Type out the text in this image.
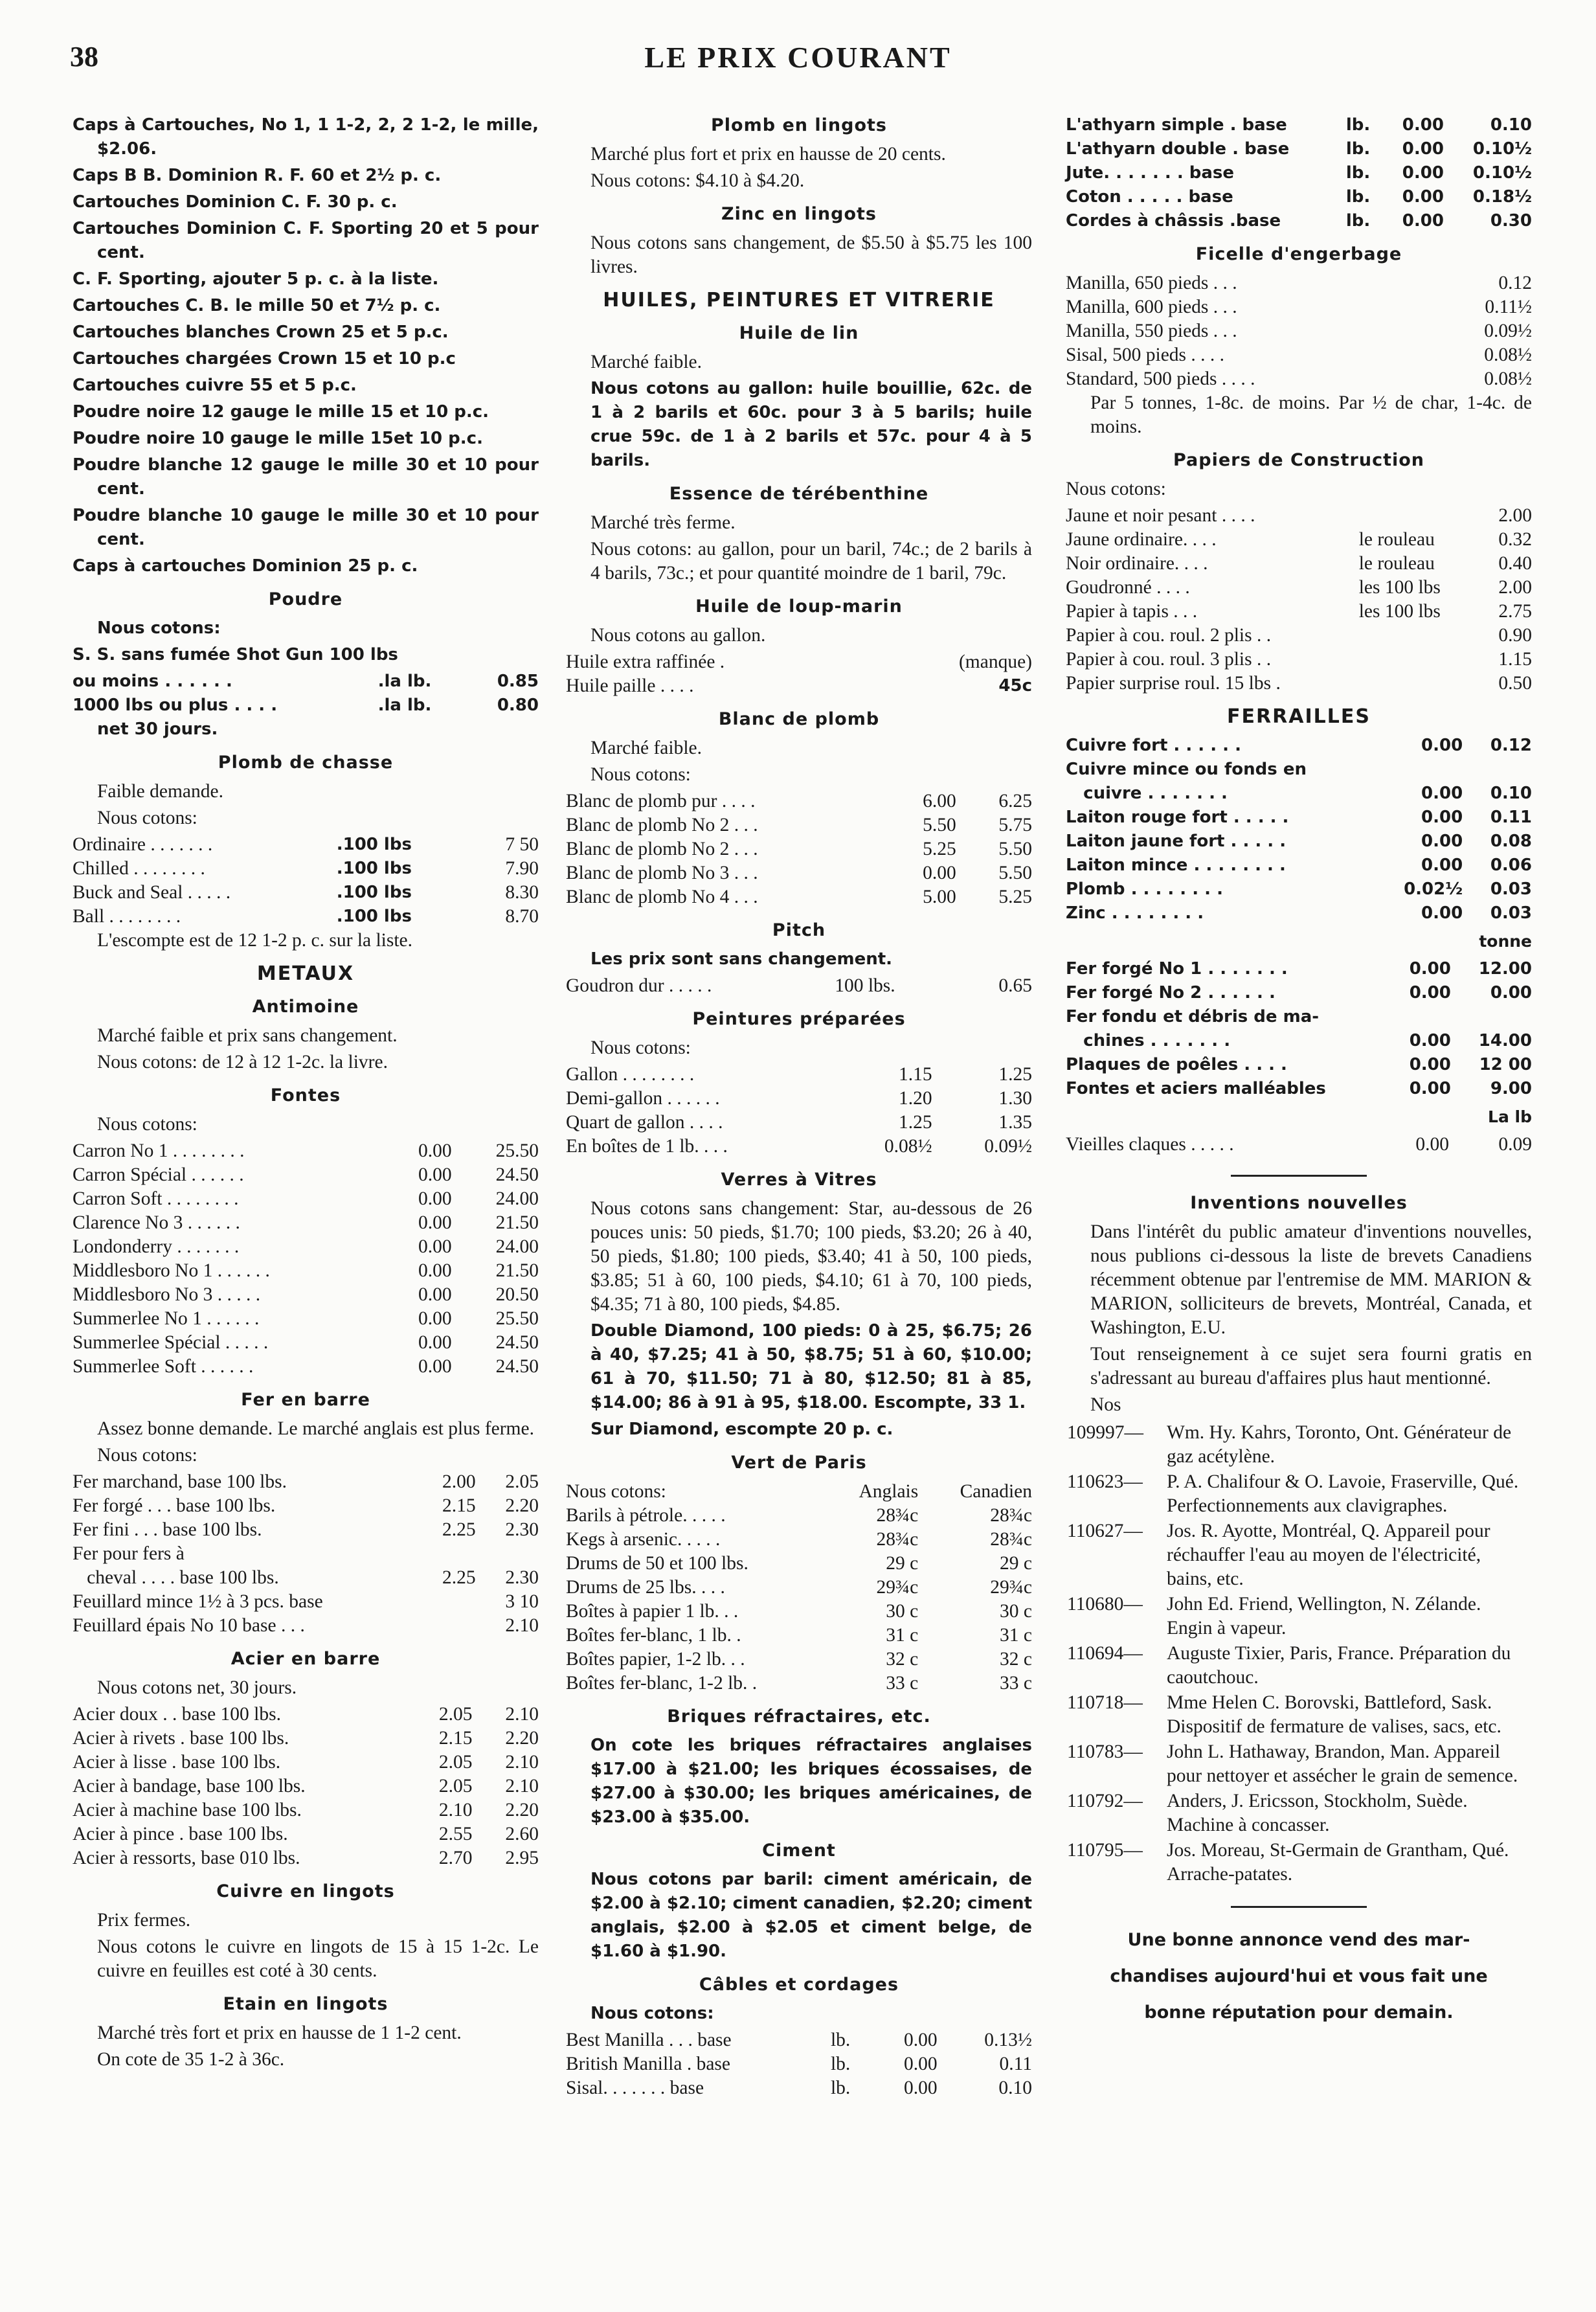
38	LE PRIX COURANT

Caps à Cartouches, No 1, 1 1-2, 2, 2 1-2, le mille, $2.06.

Caps B B. Dominion R. F. 60 et 2½ p. c.

Cartouches Dominion C. F. 30 p. c.

Cartouches Dominion C. F. Sporting 20 et 5 pour cent.

C. F. Sporting, ajouter 5 p. c. à la liste.

Cartouches C. B. le mille 50 et 7½ p. c.

Cartouches blanches Crown 25 et 5 p.c.

Cartouches chargées Crown 15 et 10 p.c

Cartouches cuivre 55 et 5 p.c.

Poudre noire 12 gauge le mille 15 et 10 p.c.

Poudre noire 10 gauge le mille 15et 10 p.c.

Poudre blanche 12 gauge le mille 30 et 10 pour cent.

Poudre blanche 10 gauge le mille 30 et 10 pour cent.

Caps à cartouches Dominion 25 p. c.

Poudre

Nous cotons:

S. S. sans fumée Shot Gun 100 lbs

ou moins . . . . . .	.la lb.	0.85
1000 lbs ou plus . . . .	.la lb.	0.80

net 30 jours.

Plomb de chasse

Faible demande.

Nous cotons:

Ordinaire . . . . . . .	.100 lbs	7 50
Chilled . . . . . . . .	.100 lbs	7.90
Buck and Seal . . . . .	.100 lbs	8.30
Ball . . . . . . . .	.100 lbs	8.70

L'escompte est de 12 1-2 p. c. sur la liste.

METAUX
Antimoine

Marché faible et prix sans changement.

Nous cotons: de 12 à 12 1-2c. la livre.

Fontes

Nous cotons:

Carron No 1 . . . . . . . .	0.00	25.50
Carron Spécial . . . . . .	0.00	24.50
Carron Soft . . . . . . . .	0.00	24.00
Clarence No 3 . . . . . .	0.00	21.50
Londonderry . . . . . . .	0.00	24.00
Middlesboro No 1 . . . . . .	0.00	21.50
Middlesboro No 3 . . . . .	0.00	20.50
Summerlee No 1 . . . . . .	0.00	25.50
Summerlee Spécial . . . . .	0.00	24.50
Summerlee Soft . . . . . .	0.00	24.50
Fer en barre

Assez bonne demande. Le marché anglais est plus ferme.

Nous cotons:

Fer marchand, base 100 lbs.	2.00	2.05
Fer forgé . . . base 100 lbs.	2.15	2.20
Fer fini . . . base 100 lbs.	2.25	2.30
Fer pour fers à		
cheval . . . . base 100 lbs.	2.25	2.30
Feuillard mince 1½ à 3 pcs. base		3 10
Feuillard épais No 10 base . . .		2.10
Acier en barre

Nous cotons net, 30 jours.

Acier doux . . base 100 lbs.	2.05	2.10
Acier à rivets . base 100 lbs.	2.15	2.20
Acier à lisse . base 100 lbs.	2.05	2.10
Acier à bandage, base 100 lbs.	2.05	2.10
Acier à machine base 100 lbs.	2.10	2.20
Acier à pince . base 100 lbs.	2.55	2.60
Acier à ressorts, base 010 lbs.	2.70	2.95
Cuivre en lingots

Prix fermes.

Nous cotons le cuivre en lingots de 15 à 15 1-2c. Le cuivre en feuilles est coté à 30 cents.

Etain en lingots

Marché très fort et prix en hausse de 1 1-2 cent.

On cote de 35 1-2 à 36c.

Plomb en lingots

Marché plus fort et prix en hausse de 20 cents.

Nous cotons: $4.10 à $4.20.

Zinc en lingots

Nous cotons sans changement, de $5.50 à $5.75 les 100 livres.

HUILES, PEINTURES ET VITRERIE
Huile de lin

Marché faible.

Nous cotons au gallon: huile bouillie, 62c. de 1 à 2 barils et 60c. pour 3 à 5 barils; huile crue 59c. de 1 à 2 barils et 57c. pour 4 à 5 barils.

Essence de térébenthine

Marché très ferme.

Nous cotons: au gallon, pour un baril, 74c.; de 2 barils à 4 barils, 73c.; et pour quantité moindre de 1 baril, 79c.

Huile de loup-marin

Nous cotons au gallon.

Huile extra raffinée .	(manque)
Huile paille . . . .	45c
Blanc de plomb

Marché faible.

Nous cotons:

Blanc de plomb pur . . . .	6.00	6.25
Blanc de plomb No 2 . . .	5.50	5.75
Blanc de plomb No 2 . . .	5.25	5.50
Blanc de plomb No 3 . . .	0.00	5.50
Blanc de plomb No 4 . . .	5.00	5.25
Pitch

Les prix sont sans changement.

Goudron dur . . . . .	100 lbs.	0.65
Peintures préparées

Nous cotons:

Gallon . . . . . . . .	1.15	1.25
Demi-gallon . . . . . .	1.20	1.30
Quart de gallon . . . .	1.25	1.35
En boîtes de 1 lb. . . .	0.08½	0.09½
Verres à Vitres

Nous cotons sans changement: Star, au-dessous de 26 pouces unis: 50 pieds, $1.70; 100 pieds, $3.20; 26 à 40, 50 pieds, $1.80; 100 pieds, $3.40; 41 à 50, 100 pieds, $3.85; 51 à 60, 100 pieds, $4.10; 61 à 70, 100 pieds, $4.35; 71 à 80, 100 pieds, $4.85.

Double Diamond, 100 pieds: 0 à 25, $6.75; 26 à 40, $7.25; 41 à 50, $8.75; 51 à 60, $10.00; 61 à 70, $11.50; 71 à 80, $12.50; 81 à 85, $14.00; 86 à 91 à 95, $18.00. Escompte, 33 1.

Sur Diamond, escompte 20 p. c.

Vert de Paris
Nous cotons:	Anglais	Canadien
Barils à pétrole. . . . .	28¾c	28¾c
Kegs à arsenic. . . . .	28¾c	28¾c
Drums de 50 et 100 lbs.	29 c	29 c
Drums de 25 lbs. . . .	29¾c	29¾c
Boîtes à papier 1 lb. . .	30 c	30 c
Boîtes fer-blanc, 1 lb. .	31 c	31 c
Boîtes papier, 1-2 lb. . .	32 c	32 c
Boîtes fer-blanc, 1-2 lb. .	33 c	33 c
Briques réfractaires, etc.

On cote les briques réfractaires anglaises $17.00 à $21.00; les briques écossaises, de $27.00 à $30.00; les briques américaines, de $23.00 à $35.00.

Ciment

Nous cotons par baril: ciment américain, de $2.00 à $2.10; ciment canadien, $2.20; ciment anglais, $2.00 à $2.05 et ciment belge, de $1.60 à $1.90.

Câbles et cordages

Nous cotons:

Best Manilla . . . base	lb.	0.00	0.13½
British Manilla . base	lb.	0.00	0.11
Sisal. . . . . . . base	lb.	0.00	0.10
L'athyarn simple . base	lb.	0.00	0.10
L'athyarn double . base	lb.	0.00	0.10½
Jute. . . . . . . base	lb.	0.00	0.10½
Coton . . . . . base	lb.	0.00	0.18½
Cordes à châssis .base	lb.	0.00	0.30
Ficelle d'engerbage
Manilla, 650 pieds . . .	0.12
Manilla, 600 pieds . . .	0.11½
Manilla, 550 pieds . . .	0.09½
Sisal, 500 pieds . . . .	0.08½
Standard, 500 pieds . . . .	0.08½

Par 5 tonnes, 1-8c. de moins. Par ½ de char, 1-4c. de moins.

Papiers de Construction

Nous cotons:

Jaune et noir pesant . . . .		2.00
Jaune ordinaire. . . .	le rouleau	0.32
Noir ordinaire. . . .	le rouleau	0.40
Goudronné . . . .	les 100 lbs	2.00
Papier à tapis . . .	les 100 lbs	2.75
Papier à cou. roul. 2 plis . .		0.90
Papier à cou. roul. 3 plis . .		1.15
Papier surprise roul. 15 lbs .		0.50
FERRAILLES
Cuivre fort . . . . . .	0.00	0.12
Cuivre mince ou fonds en		
cuivre . . . . . . .	0.00	0.10
Laiton rouge fort . . . . .	0.00	0.11
Laiton jaune fort . . . . .	0.00	0.08
Laiton mince . . . . . . . .	0.00	0.06
Plomb . . . . . . . .	0.02½	0.03
Zinc . . . . . . . .	0.00	0.03
tonne
Fer forgé No 1 . . . . . . .	0.00	12.00
Fer forgé No 2 . . . . . .	0.00	0.00
Fer fondu et débris de ma-		
chines . . . . . . .	0.00	14.00
Plaques de poêles . . . .	0.00	12 00
Fontes et aciers malléables	0.00	9.00
La lb
Vieilles claques . . . . .	0.00	0.09
Inventions nouvelles

Dans l'intérêt du public amateur d'inventions nouvelles, nous publions ci-dessous la liste de brevets Canadiens récemment obtenue par l'entremise de MM. MARION & MARION, solliciteurs de brevets, Montréal, Canada, et Washington, E.U.

Tout renseignement à ce sujet sera fourni gratis en s'adressant au bureau d'affaires plus haut mentionné.

Nos

109997—	Wm. Hy. Kahrs, Toronto, Ont. Générateur de gaz acétylène.
110623—	P. A. Chalifour & O. Lavoie, Fraserville, Qué. Perfectionnements aux clavigraphes.
110627—	Jos. R. Ayotte, Montréal, Q. Appareil pour réchauffer l'eau au moyen de l'électricité, bains, etc.
110680—	John Ed. Friend, Wellington, N. Zélande. Engin à vapeur.
110694—	Auguste Tixier, Paris, France. Préparation du caoutchouc.
110718—	Mme Helen C. Borovski, Battleford, Sask. Dispositif de fermature de valises, sacs, etc.
110783—	John L. Hathaway, Brandon, Man. Appareil pour nettoyer et assécher le grain de semence.
110792—	Anders, J. Ericsson, Stockholm, Suède. Machine à concasser.
110795—	Jos. Moreau, St-Germain de Grantham, Qué. Arrache-patates.
Une bonne annonce vend des mar-
chandises aujourd'hui et vous fait une
bonne réputation pour demain.
